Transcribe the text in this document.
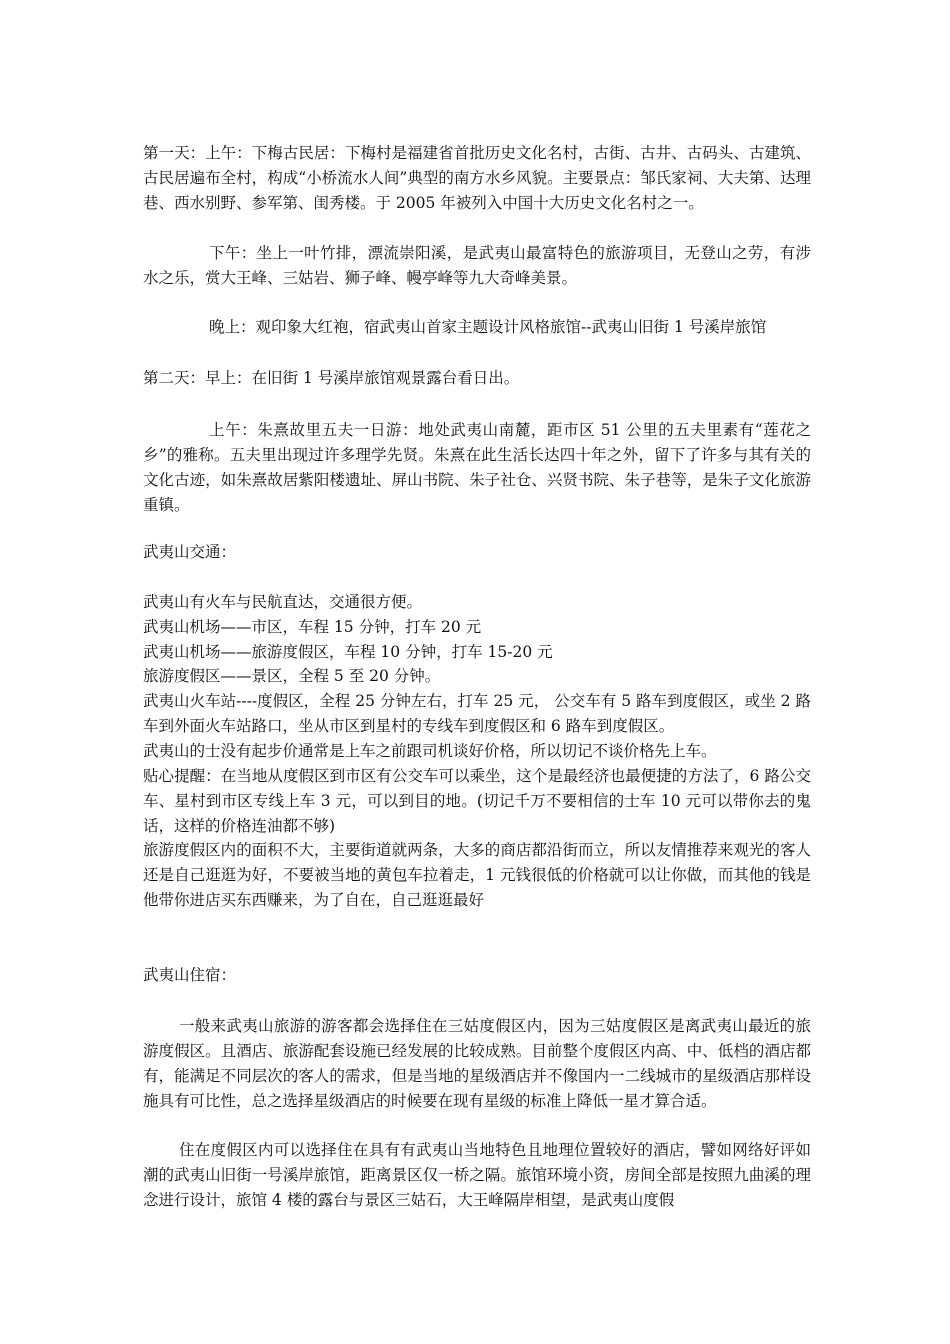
第一天：上午：下梅古民居：下梅村是福建省首批历史文化名村，古街、古井、古码头、古建筑、古民居遍布全村，构成“小桥流水人间”典型的南方水乡风貌。主要景点：邹氏家祠、大夫第、达理巷、西水别野、参军第、闺秀楼。于 2005 年被列入中国十大历史文化名村之一。

下午：坐上一叶竹排，漂流崇阳溪，是武夷山最富特色的旅游项目，无登山之劳，有涉水之乐，赏大王峰、三姑岩、狮子峰、幔亭峰等九大奇峰美景。

晚上：观印象大红袍，宿武夷山首家主题设计风格旅馆--武夷山旧街 1 号溪岸旅馆

第二天：早上：在旧街 1 号溪岸旅馆观景露台看日出。

上午：朱熹故里五夫一日游：地处武夷山南麓，距市区 51 公里的五夫里素有“莲花之乡”的雅称。五夫里出现过许多理学先贤。朱熹在此生活长达四十年之外，留下了许多与其有关的文化古迹，如朱熹故居紫阳楼遗址、屏山书院、朱子社仓、兴贤书院、朱子巷等，是朱子文化旅游重镇。

武夷山交通：

武夷山有火车与民航直达，交通很方便。

武夷山机场——市区，车程 15 分钟，打车 20 元

武夷山机场——旅游度假区，车程 10 分钟，打车 15-20 元

旅游度假区——景区，全程 5 至 20 分钟。

武夷山火车站----度假区，全程 25 分钟左右，打车 25 元， 公交车有 5 路车到度假区，或坐 2 路车到外面火车站路口，坐从市区到星村的专线车到度假区和 6 路车到度假区。

武夷山的士没有起步价通常是上车之前跟司机谈好价格，所以切记不谈价格先上车。

贴心提醒：在当地从度假区到市区有公交车可以乘坐，这个是最经济也最便捷的方法了，6 路公交车、星村到市区专线上车 3 元，可以到目的地。(切记千万不要相信的士车 10 元可以带你去的鬼话，这样的价格连油都不够)

旅游度假区内的面积不大，主要街道就两条，大多的商店都沿街而立，所以友情推荐来观光的客人还是自己逛逛为好，不要被当地的黄包车拉着走，1 元钱很低的价格就可以让你做，而其他的钱是他带你进店买东西赚来，为了自在，自己逛逛最好

武夷山住宿：

一般来武夷山旅游的游客都会选择住在三姑度假区内，因为三姑度假区是离武夷山最近的旅游度假区。且酒店、旅游配套设施已经发展的比较成熟。目前整个度假区内高、中、低档的酒店都有，能满足不同层次的客人的需求，但是当地的星级酒店并不像国内一二线城市的星级酒店那样设施具有可比性，总之选择星级酒店的时候要在现有星级的标准上降低一星才算合适。

住在度假区内可以选择住在具有有武夷山当地特色且地理位置较好的酒店，譬如网络好评如潮的武夷山旧街一号溪岸旅馆，距离景区仅一桥之隔。旅馆环境小资，房间全部是按照九曲溪的理念进行设计，旅馆 4 楼的露台与景区三姑石，大王峰隔岸相望，是武夷山度假
